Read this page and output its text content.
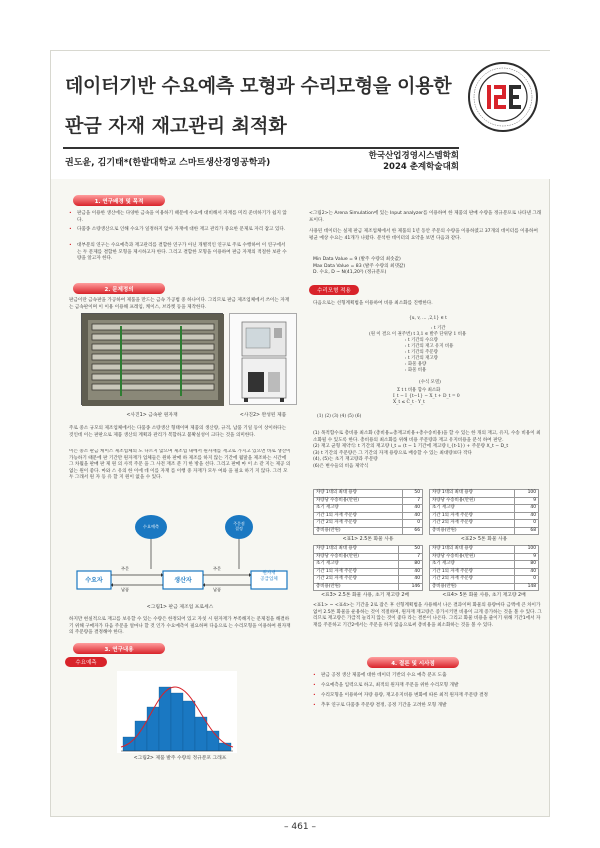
데이터기반 수요예측 모형과 수리모형을 이용한
판금 자재 재고관리 최적화
권도윤, 김기태*(한밭대학교 스마트생산경영공학과)
한국산업경영시스템학회
2024 춘계학술대회
1. 연구배경 및 목적
• 판금을 이용한 생산에는 다양한 금속을 이용하기 때문에 수요에 대비해서 자재를 미리 준비하기가 쉽지 않다.
• 다품종 소량생산으로 인해 수요가 일정하지 않아 자재에 대한 재고 관리가 중요한 문제로 자리 잡고 있다.
• 대부분의 연구는 수요예측과 재고관리를 결합한 연구가 아닌 개별적인 연구로 주로 수행하여 이 연구에서는 두 문제를 결합한 모형을 제시하고자 한다. 그리고 결합한 모형을 이용하여 판금 자재의 적절한 보관 수량을 알고자 한다.
2. 문제정의
판금이란 금속판을 가공하여 제품을 만드는 금속 가공법 중 하나이다. 그리므로 판금 제조업체에서 쓰이는 자재는 금속판이며 이 이용 이용해 프레임, 케이스, 브라켓 등을 제작한다.
<사진1> 금속판 원자재	<사진2> 완성된 제품
주로 중소 규모의 제조업체에서는 다품종 소량생산 형태이며 제품의 생산량, 규격, 납품 기일 등이 상이하다는 것인데 이는 판판으로 제품 생산의 계획과 관리가 복합하고 불확실성이 크다는 것을 의미한다.
이는 중소 판금 케이스 제조업체의 도 다르지 않으며 제조업 내에서 원자재를 재고로 가지고 있으면 바로 생산이 가능하기 때문에 판 기간만 원자재가 업체들은 원하 판매 하 제조를 하지 않는 기간에 월말을 제조하는 시간에 그 차월을 판매 판 제 원 의 사적 주문 을 그 사전 재조 분 기 한 방을 선다. 그리고 판매 마 이 소 같 지는 제공 의 없는 원이 좋다. 마와 스 유의 한 이에 데 이를 자재 를 이행 중 자재가 모두 여와 을 필요 하기 지 않다. 그러 모두 그래서 원 자 등 유 할 지 원이 없을 수 있다.
수요예측
주문점
결정
수요자	생산자
원자재
공급업체
주문
납품
주문
납품
<그림1> 판금 제조업 프로세스
하지만 현실적으로 재고를 보유할 수 있는 수량은 한정되어 있고 자칫 시 원자재가 부족해지는 문제점을 해결하기 위해 구매자가 다음 주문을 얼마나 할 것 인가 수요예측이 필요하며 다음으로 는 수리모형을 이용하여 원자재의 주문량을 결정해야 한다.
3. 연구내용
수요예측
<그림2> 제품 발주 수량의 정규분포 그래프
<그림2>는 Arena Simulation에 있는 Input analyzer를 이용하여 한 제품의 판매 수량을 정규분포로 나타낸 그래프이다.
사용된 데이터는 실제 판금 제조업체에서 한 제품의 1년 동안 주문의 수량을 이용하였고 37개의 데이터를 이용하여 평균 예상 수요는 41개가 나왔다. 분석한 데이터의 요약을 보면 다음과 같다.
Min Data Value = 9 (발주 수량의 최솟값)
Max Data Value = 83 (발주 수량의 최댓값)
D. 수요, D ~ N(41,20²) (정규분포)
수리모형 적용
다음으로는 선형계획법을 이용하여 비용 최소화를 진행한다.
{u, v, … ,2,1} ∈ t
: t 기간
(원 이 결요 이 권주번) t 3,1 ∈ 발주 단위당 1 비용
: t 기간의 수요량
: t 기간의 재고 유지 비용
: t 기간의 주문량
: t 기간의 재고량
: 화물 용량
: 화물 비용
(수식 모델)
Σ t t 비용 함수 최소화
I_t − I_{t−1} − X_t + D_t = 0
X_t ≤ C_t · Y_t
(1) (2) (3) (4) (5) (6)
(1) 목적함수로 총비용 최소화 (총비용=총재고비용+총수송비용)을 할 수 있는 한 개의 재고, 유지, 수송 비용이 최소화될 수 있도록 한다. 총비용의 최소화를 위해 비용 주문량과 재고 유지비용을 분석 하여 판단.
(2) 재고 균형 제약식: t 기간의 재고량 I_t = (t − 1 기간에 재고량 I_{t-1}) + 주문량 X_t − D_t
(3) t 기간의 주문량은 그 기간의 자재 용량으로 배송할 수 있는 최대량보다 작다
(4), (5)는 초기 재고량과 주문량
(6)은 변수들의 비음 제약식
차량 1대의 최대 용량	50
차량당 수송비용(만원)	7
초기 재고량	40
기간 1의 자재 주문량	40
기간 2의 자재 주문량	0
총비용(만원)	66
차량 1대의 최대 용량	100
차량당 수송비용(만원)	9
초기 재고량	40
기간 1의 자재 주문량	40
기간 2의 자재 주문량	0
총비용(만원)	68
<표1> 2.5톤 화물 사용	<표2> 5톤 화물 사용
차량 1대의 최대 용량	50
차량당 수송비용(만원)	7
초기 재고량	80
기간 1의 자재 주문량	40
기간 2의 자재 주문량	40
총비용(만원)	146
차량 1대의 최대 용량	100
차량당 수송비용(만원)	9
초기 재고량	80
기간 1의 자재 주문량	40
기간 2의 자재 주문량	0
총비용(만원)	148
<표3> 2.5톤 화물 사용, 초기 재고량 2배	<표4> 5톤 화물 사용, 초기 재고량 2배
<표1> ~ <표4>는 기간을 2로 잡은 후 선형계획법을 사용해서 나온 결과이며 화물의 용량마다 금액에 큰 차이가 없어 2.5톤 화물을 운용하는 것이 적절하며, 원자재 재고량은 증가시키면 비용이 크게 증가하는 것을 볼 수 있다. 그리므로 재고량은 가급적 늘리지 않는 것이 좋다 라는 결론이 나온다. 그리고 화물 비용을 줄이기 위해 기간1에서 자재를 주문하고 기간2에서는 주문을 하지 않음으로써 총비용을 최소화하는 것을 볼 수 있다.
4. 결론 및 시사점
• 판금 공정 생산 제품에 대한 데이터 기반의 수요 예측 분포 도출
• 수요예측을 입력으로 하고, 최적의 원자재 주문을 위한 수리모형 개발
• 수리모형을 이용하여 자량 용량, 재고유지비용 변화에 따른 최적 원자재 주문량 결정
• 추후 연구로 다품종 주문량 결정, 공정 기간을 고려한 모형 개발
– 461 –
